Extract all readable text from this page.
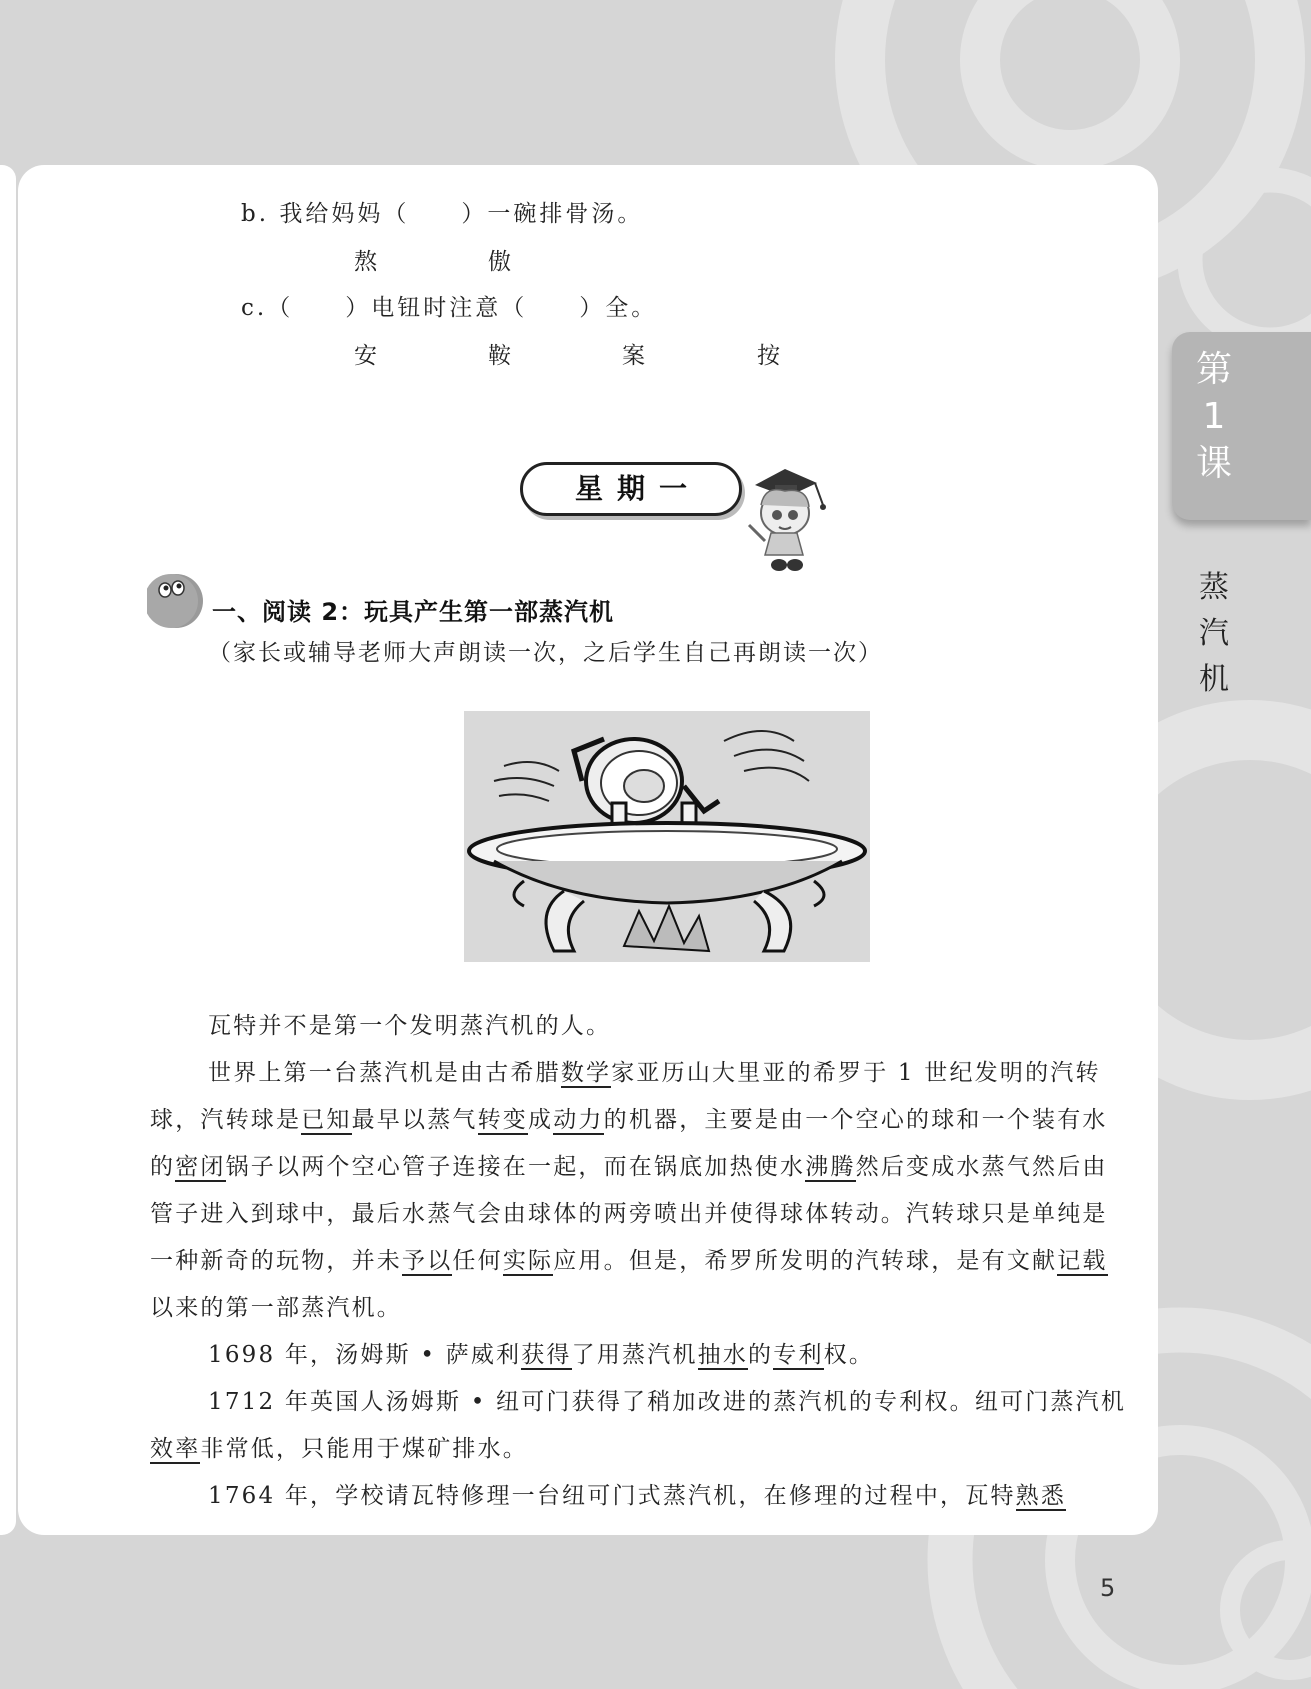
b. 我给妈妈（　　）一碗排骨汤。
熬	傲
c.（　　）电钮时注意（　　）全。
安	鞍	案	按
星期一
一、阅读 2：玩具产生第一部蒸汽机
（家长或辅导老师大声朗读一次，之后学生自己再朗读一次）

瓦特并不是第一个发明蒸汽机的人。

世界上第一台蒸汽机是由古希腊数学家亚历山大里亚的希罗于 1 世纪发明的汽转球，汽转球是已知最早以蒸气转变成动力的机器，主要是由一个空心的球和一个装有水的密闭锅子以两个空心管子连接在一起，而在锅底加热使水沸腾然后变成水蒸气然后由管子进入到球中，最后水蒸气会由球体的两旁喷出并使得球体转动。汽转球只是单纯是一种新奇的玩物，并未予以任何实际应用。但是，希罗所发明的汽转球，是有文献记载以来的第一部蒸汽机。

1698 年，汤姆斯 • 萨威利获得了用蒸汽机抽水的专利权。

1712 年英国人汤姆斯 • 纽可门获得了稍加改进的蒸汽机的专利权。纽可门蒸汽机效率非常低，只能用于煤矿排水。

1764 年，学校请瓦特修理一台纽可门式蒸汽机，在修理的过程中，瓦特熟悉

第
1
课
蒸
汽
机
5
